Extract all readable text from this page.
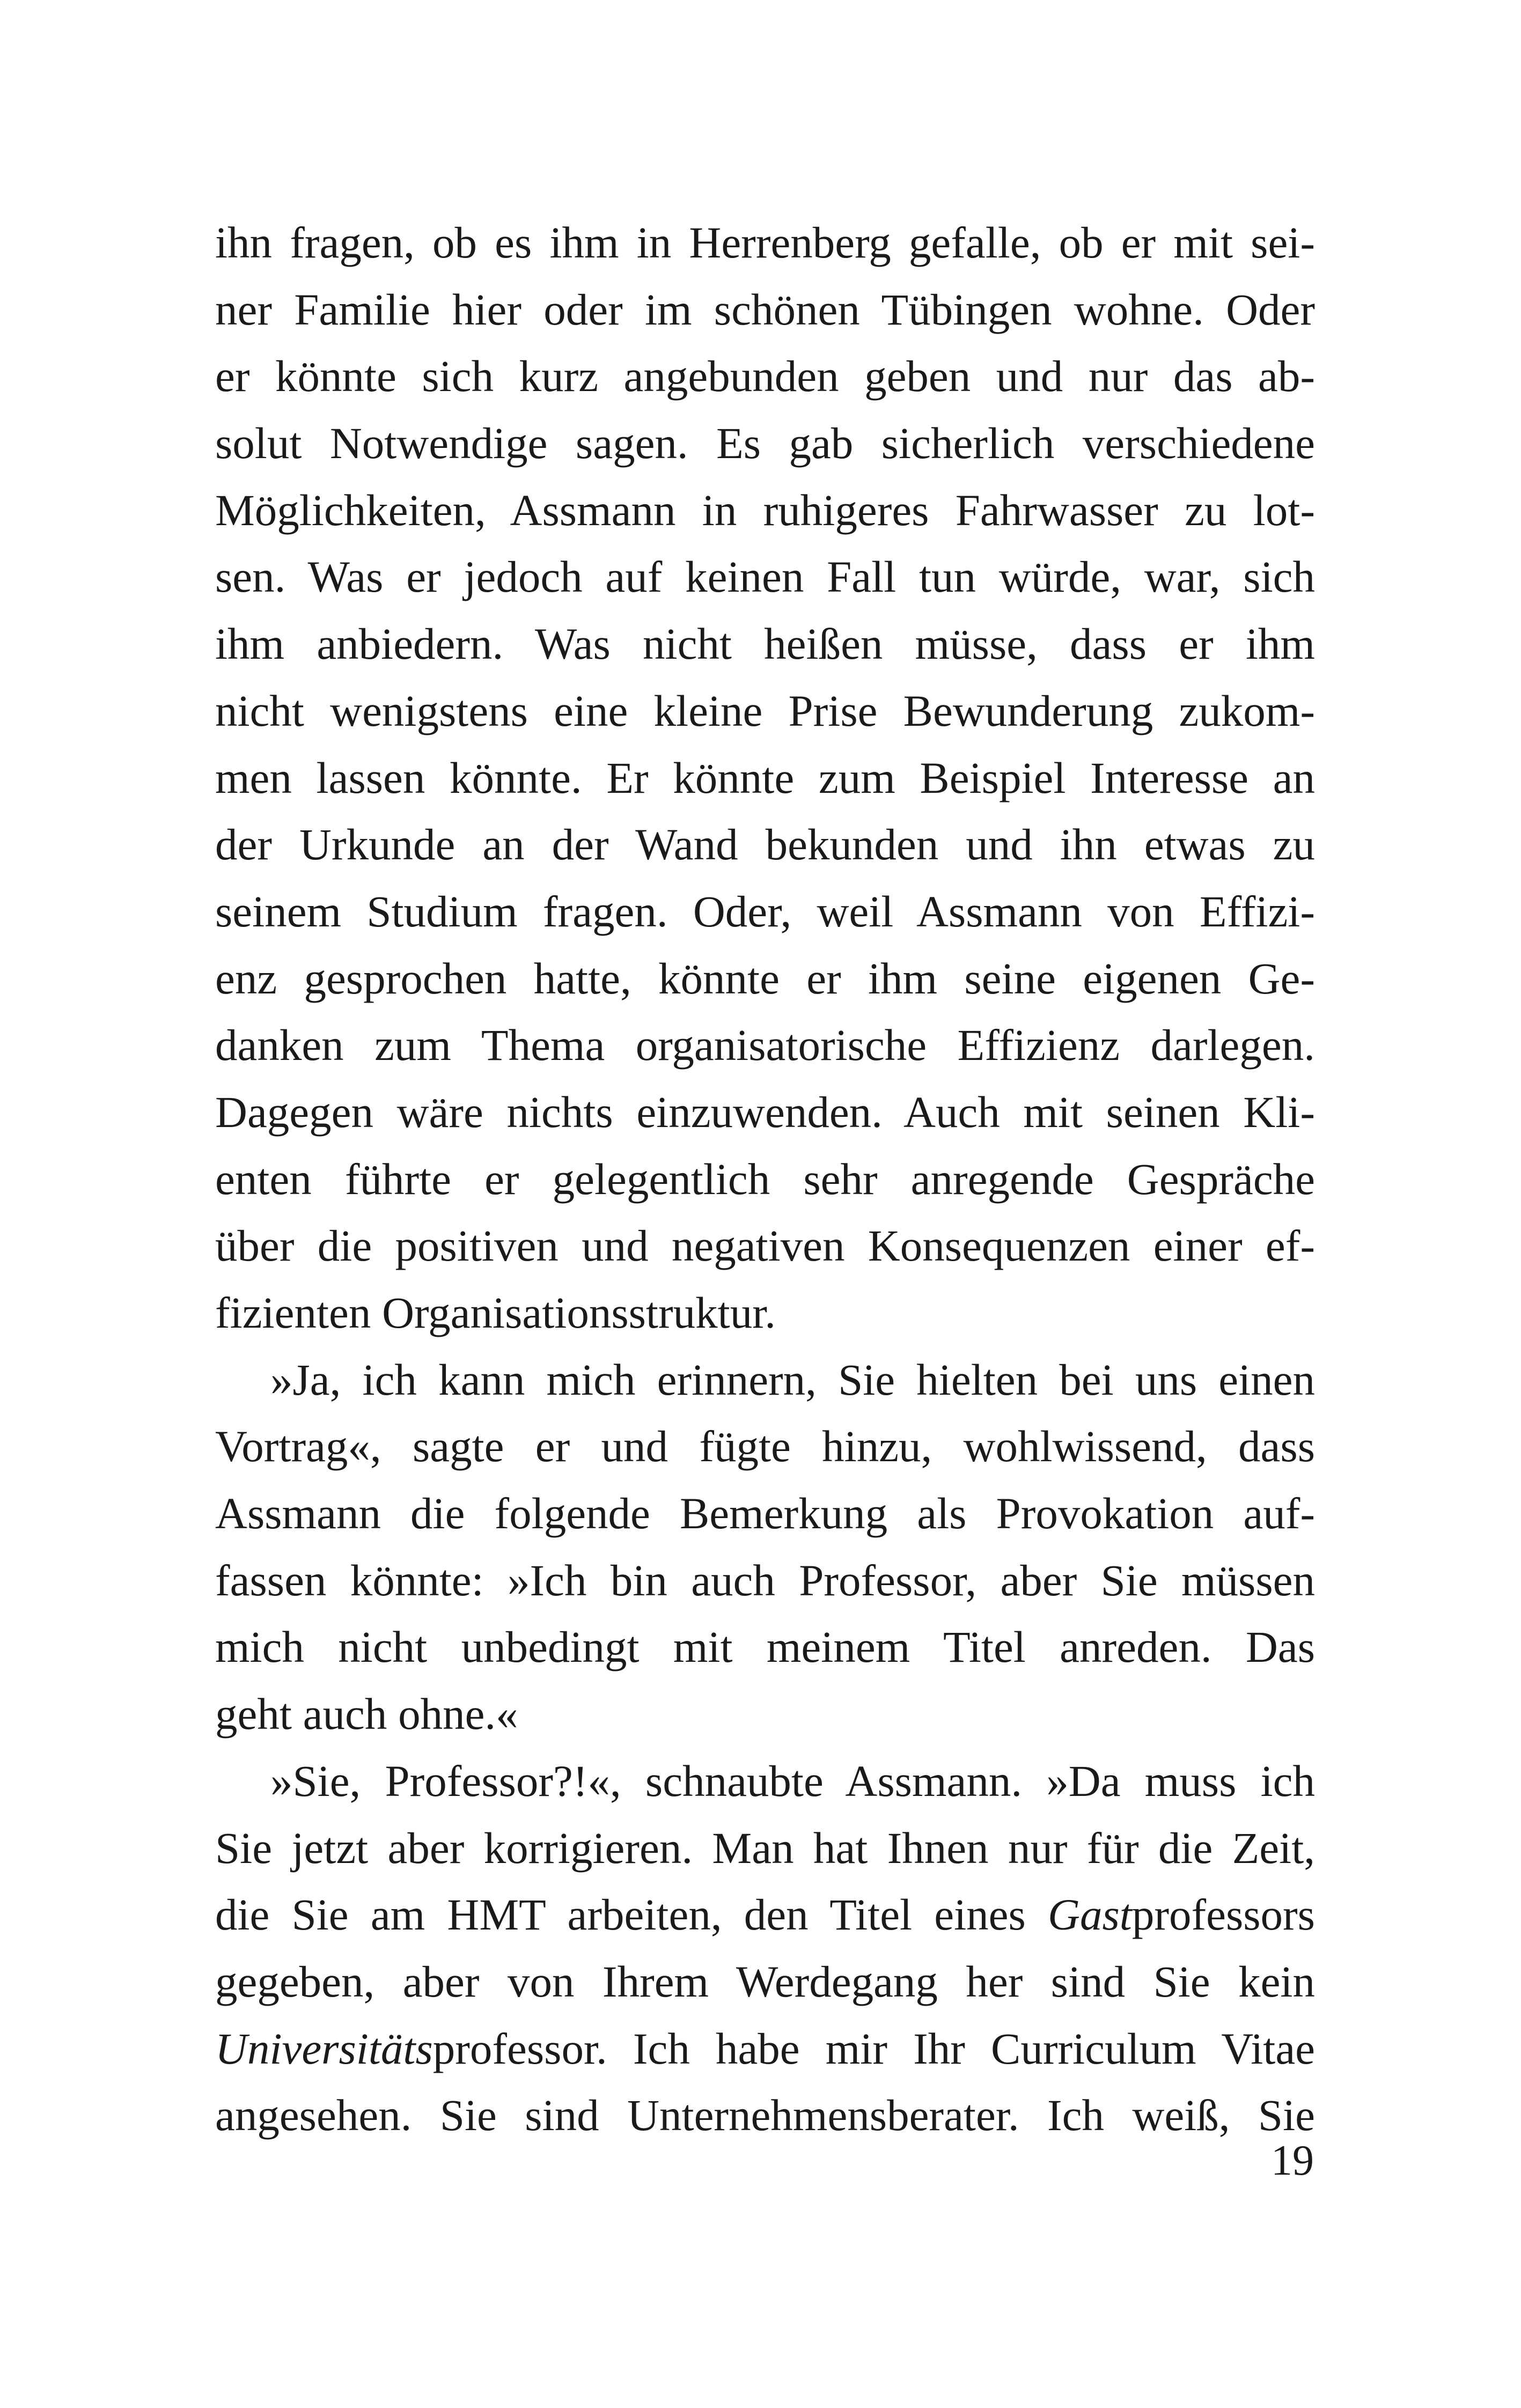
ihn fragen, ob es ihm in Herrenberg gefalle, ob er mit sei-
ner Familie hier oder im schönen Tübingen wohne. Oder
er könnte sich kurz angebunden geben und nur das ab-
solut Notwendige sagen. Es gab sicherlich verschiedene
Möglichkeiten, Assmann in ruhigeres Fahrwasser zu lot-
sen. Was er jedoch auf keinen Fall tun würde, war, sich
ihm anbiedern. Was nicht heißen müsse, dass er ihm
nicht wenigstens eine kleine Prise Bewunderung zukom-
men lassen könnte. Er könnte zum Beispiel Interesse an
der Urkunde an der Wand bekunden und ihn etwas zu
seinem Studium fragen. Oder, weil Assmann von Effizi-
enz gesprochen hatte, könnte er ihm seine eigenen Ge-
danken zum Thema organisatorische Effizienz darlegen.
Dagegen wäre nichts einzuwenden. Auch mit seinen Kli-
enten führte er gelegentlich sehr anregende Gespräche
über die positiven und negativen Konsequenzen einer ef-
fizienten Organisationsstruktur.
»Ja, ich kann mich erinnern, Sie hielten bei uns einen
Vortrag«, sagte er und fügte hinzu, wohlwissend, dass
Assmann die folgende Bemerkung als Provokation auf-
fassen könnte: »Ich bin auch Professor, aber Sie müssen
mich nicht unbedingt mit meinem Titel anreden. Das
geht auch ohne.«
»Sie, Professor?!«, schnaubte Assmann. »Da muss ich
Sie jetzt aber korrigieren. Man hat Ihnen nur für die Zeit,
die Sie am HMT arbeiten, den Titel eines Gastprofessors
gegeben, aber von Ihrem Werdegang her sind Sie kein
Universitätsprofessor. Ich habe mir Ihr Curriculum Vitae
angesehen. Sie sind Unternehmensberater. Ich weiß, Sie
19
